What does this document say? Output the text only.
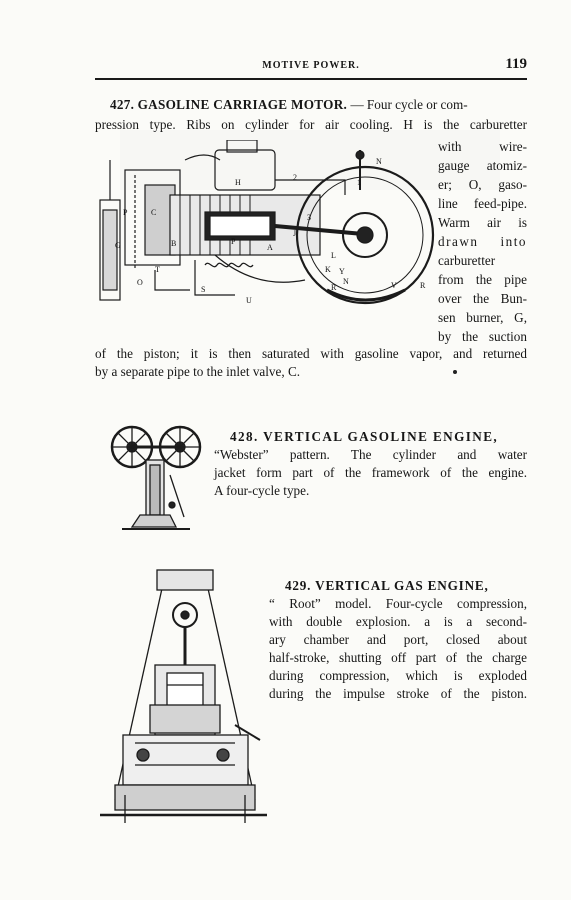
MOTIVE POWER.	119
427. GASOLINE CARRIAGE MOTOR. — Four cycle or com-
pression type. Ribs on cylinder for air cooling. H is the carburetter
with wire-
gauge atomiz-
er; O, gaso-
line feed-pipe.
Warm air is
drawn into
carburetter
from the pipe
over the Bun-
sen burner, G,
by the suction
of the piston; it is then saturated with gasoline vapor, and returned
by a separate pipe to the inlet valve, C.
H
N
2
1
C
P
B
3
J
P
A
L
G
Y
T
O
S
U
K
N	V	R
R
428. VERTICAL GASOLINE ENGINE,
“Webster” pattern. The cylinder and water
jacket form part of the framework of the engine.
A four-cycle type.
429. VERTICAL GAS ENGINE,
“ Root” model. Four-cycle compression,
with double explosion. a is a second-
ary chamber and port, closed about
half-stroke, shutting off part of the charge
during compression, which is exploded
during the impulse stroke of the piston.
